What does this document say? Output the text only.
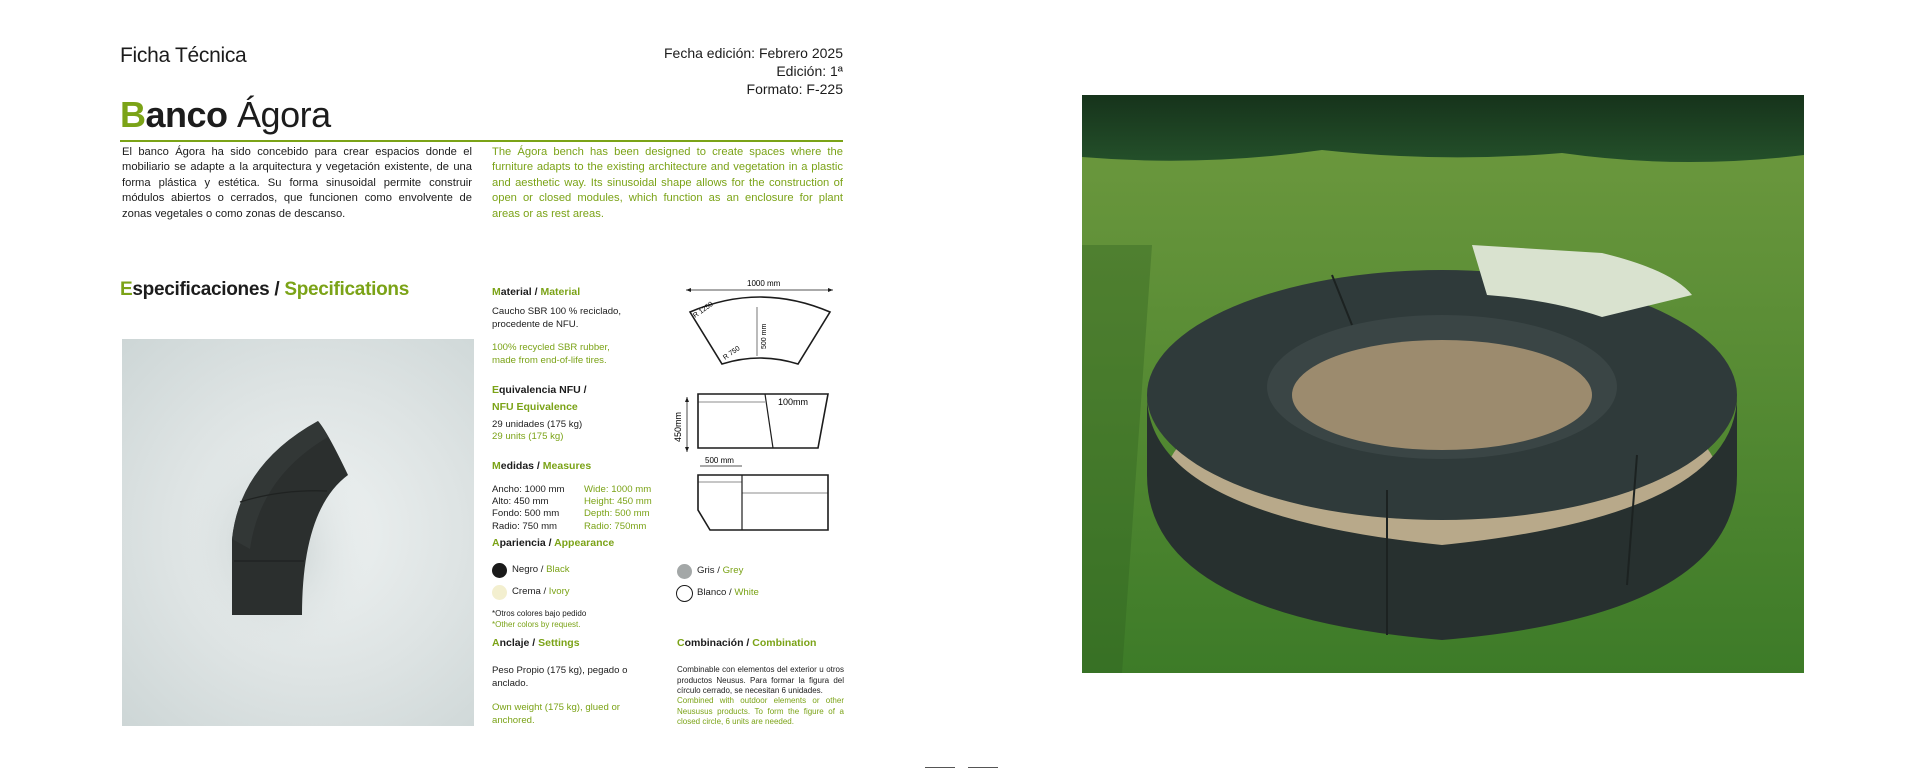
Ficha Técnica	Fecha edición: Febrero 2025
Edición: 1ª
Formato: F-225
Banco Ágora
El banco Ágora ha sido concebido para crear espacios donde el mobiliario se adapte a la arquitectura y vegetación existente, de una forma plástica y estética. Su forma sinusoidal permite construir módulos abiertos o cerrados, que funcionen como envolvente de zonas vegetales o como zonas de descanso.
The Ágora bench has been designed to create spaces where the furniture adapts to the existing architecture and vegetation in a plastic and aesthetic way. Its sinusoidal shape allows for the construction of open or closed modules, which function as an enclosure for plant areas or as rest areas.
Especificaciones / Specifications	Material / Material
Caucho SBR 100 % reciclado,
procedente de NFU.
100% recycled SBR rubber,
made from end-of-life tires.
Equivalencia NFU /
NFU Equivalence
29 unidades (175 kg)
29 units (175 kg)
Medidas / Measures
Ancho: 1000 mm
Alto: 450 mm
Fondo: 500 mm
Radio: 750 mm
Wide: 1000 mm
Height: 450 mm
Depth: 500 mm
Radio: 750mm
Apariencia / Appearance
Negro / Black
Crema / Ivory
Gris / Grey
Blanco / White
*Otros colores bajo pedido
*Other colors by request.
Anclaje / Settings
Peso Propio (175 kg), pegado o anclado.
Own weight (175 kg), glued or anchored.
Combinación / Combination
Combinable con elementos del exterior u otros productos Neusus. Para formar la figura del círculo cerrado, se necesitan 6 unidades.
Combined with outdoor elements or other Neususus products. To form the figure of a closed circle, 6 units are needed.
1000 mm
R 1250
500 mm
R 750
450mm
100mm
500 mm
